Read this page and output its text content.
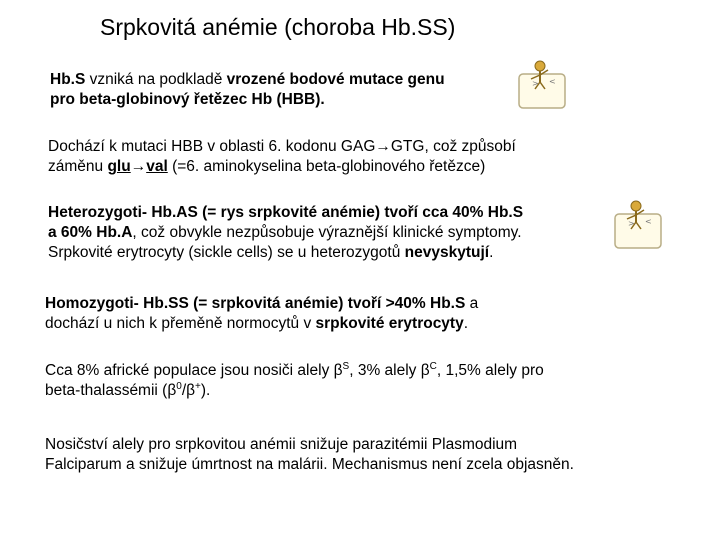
Srpkovitá anémie (choroba Hb.SS)
Hb.S vzniká na podkladě vrozené bodové mutace genu
pro beta-globinový řetězec Hb (HBB).
> <
Dochází k mutaci HBB v oblasti 6. kodonu GAG→GTG, což způsobí
záměnu glu→val (=6. aminokyselina beta-globinového řetězce)
Heterozygoti- Hb.AS (= rys srpkovité anémie) tvoří cca 40% Hb.S
a 60% Hb.A, což obvykle nezpůsobuje výraznější klinické symptomy.
Srpkovité erytrocyty (sickle cells) se u heterozygotů nevyskytují.
> <
Homozygoti- Hb.SS (= srpkovitá anémie) tvoří >40% Hb.S a
dochází u nich k přeměně normocytů v srpkovité erytrocyty.
Cca 8% africké populace jsou nosiči alely $\beta^S$, 3% alely $\beta^C$, 1,5% alely pro
beta-thalassémii $(\beta^0/\beta^+)$.
Nosičství alely pro srpkovitou anémii snižuje parazitémii Plasmodium
Falciparum a snižuje úmrtnost na malárii. Mechanismus není zcela objasněn.
